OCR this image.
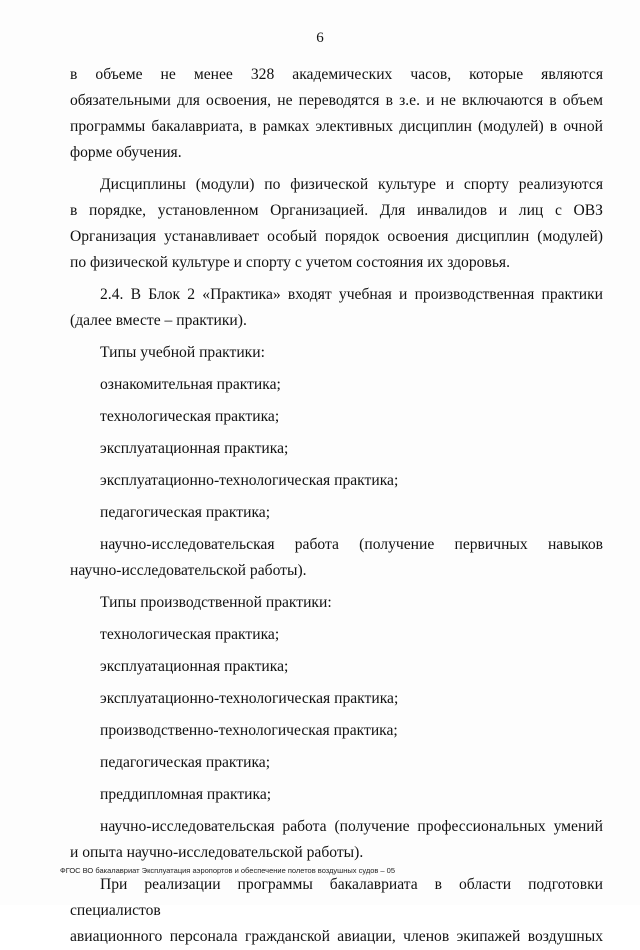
6
в объеме не менее 328 академических часов, которые являются
обязательными для освоения, не переводятся в з.е. и не включаются в объем
программы бакалавриата, в рамках элективных дисциплин (модулей) в очной
форме обучения.
Дисциплины (модули) по физической культуре и спорту реализуются
в порядке, установленном Организацией. Для инвалидов и лиц с ОВЗ
Организация устанавливает особый порядок освоения дисциплин (модулей)
по физической культуре и спорту с учетом состояния их здоровья.
2.4. В Блок 2 «Практика» входят учебная и производственная практики
(далее вместе – практики).
Типы учебной практики:
ознакомительная практика;
технологическая практика;
эксплуатационная практика;
эксплуатационно-технологическая практика;
педагогическая практика;
научно-исследовательская работа (получение первичных навыков
научно-исследовательской работы).
Типы производственной практики:
технологическая практика;
эксплуатационная практика;
эксплуатационно-технологическая практика;
производственно-технологическая практика;
педагогическая практика;
преддипломная практика;
научно-исследовательская работа (получение профессиональных умений
и опыта научно-исследовательской работы).
При реализации программы бакалавриата в области подготовки специалистов
авиационного персонала гражданской авиации, членов экипажей воздушных
ФГОС ВО бакалавриат Эксплуатация аэропортов и обеспечение полетов воздушных судов – 05
